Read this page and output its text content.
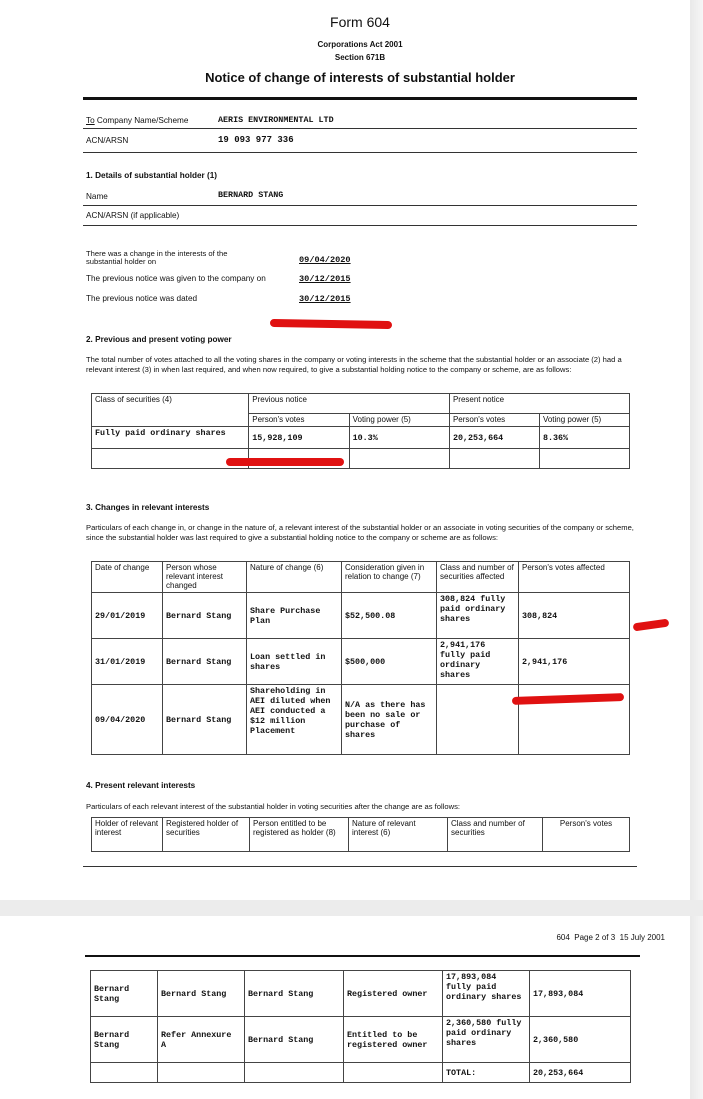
Form 604
Corporations Act 2001
Section 671B
Notice of change of interests of substantial holder
To Company Name/Scheme	AERIS ENVIRONMENTAL LTD
ACN/ARSN	19 093 977 336
1. Details of substantial holder (1)
Name	BERNARD STANG
ACN/ARSN (if applicable)
There was a change in the interests of the
substantial holder on	09/04/2020
The previous notice was given to the company on	30/12/2015
The previous notice was dated	30/12/2015
2. Previous and present voting power
The total number of votes attached to all the voting shares in the company or voting interests in the scheme that the substantial holder or an associate (2) had a relevant interest (3) in when last required, and when now required, to give a substantial holding notice to the company or scheme, are as follows:
Class of securities (4)	Previous notice		Present notice	
	Person's votes	Voting power (5)	Person's votes	Voting power (5)
Fully paid ordinary shares	15,928,109	10.3%	20,253,664	8.36%

3. Changes in relevant interests
Particulars of each change in, or change in the nature of, a relevant interest of the substantial holder or an associate in voting securities of the company or scheme, since the substantial holder was last required to give a substantial holding notice to the company or scheme are as follows:
Date of change	Person whose relevant interest changed	Nature of change (6)	Consideration given in relation to change (7)	Class and number of securities affected	Person's votes affected
29/01/2019	Bernard Stang	Share Purchase Plan	$52,500.08	308,824 fully paid ordinary shares	308,824
31/01/2019	Bernard Stang	Loan settled in shares	$500,000	2,941,176 fully paid ordinary shares	2,941,176
09/04/2020	Bernard Stang	Shareholding in AEI diluted when AEI conducted a $12 million Placement	N/A as there has been no sale or purchase of shares		
4. Present relevant interests
Particulars of each relevant interest of the substantial holder in voting securities after the change are as follows:
Holder of relevant interest	Registered holder of securities	Person entitled to be registered as holder (8)	Nature of relevant interest (6)	Class and number of securities	Person's votes
604  Page 2 of 3  15 July 2001
Bernard Stang	Bernard Stang	Bernard Stang	Registered owner	17,893,084 fully paid ordinary shares	17,893,084
Bernard Stang	Refer Annexure A	Bernard Stang	Entitled to be registered owner	2,360,580 fully paid ordinary shares	2,360,580
				TOTAL:	20,253,664
